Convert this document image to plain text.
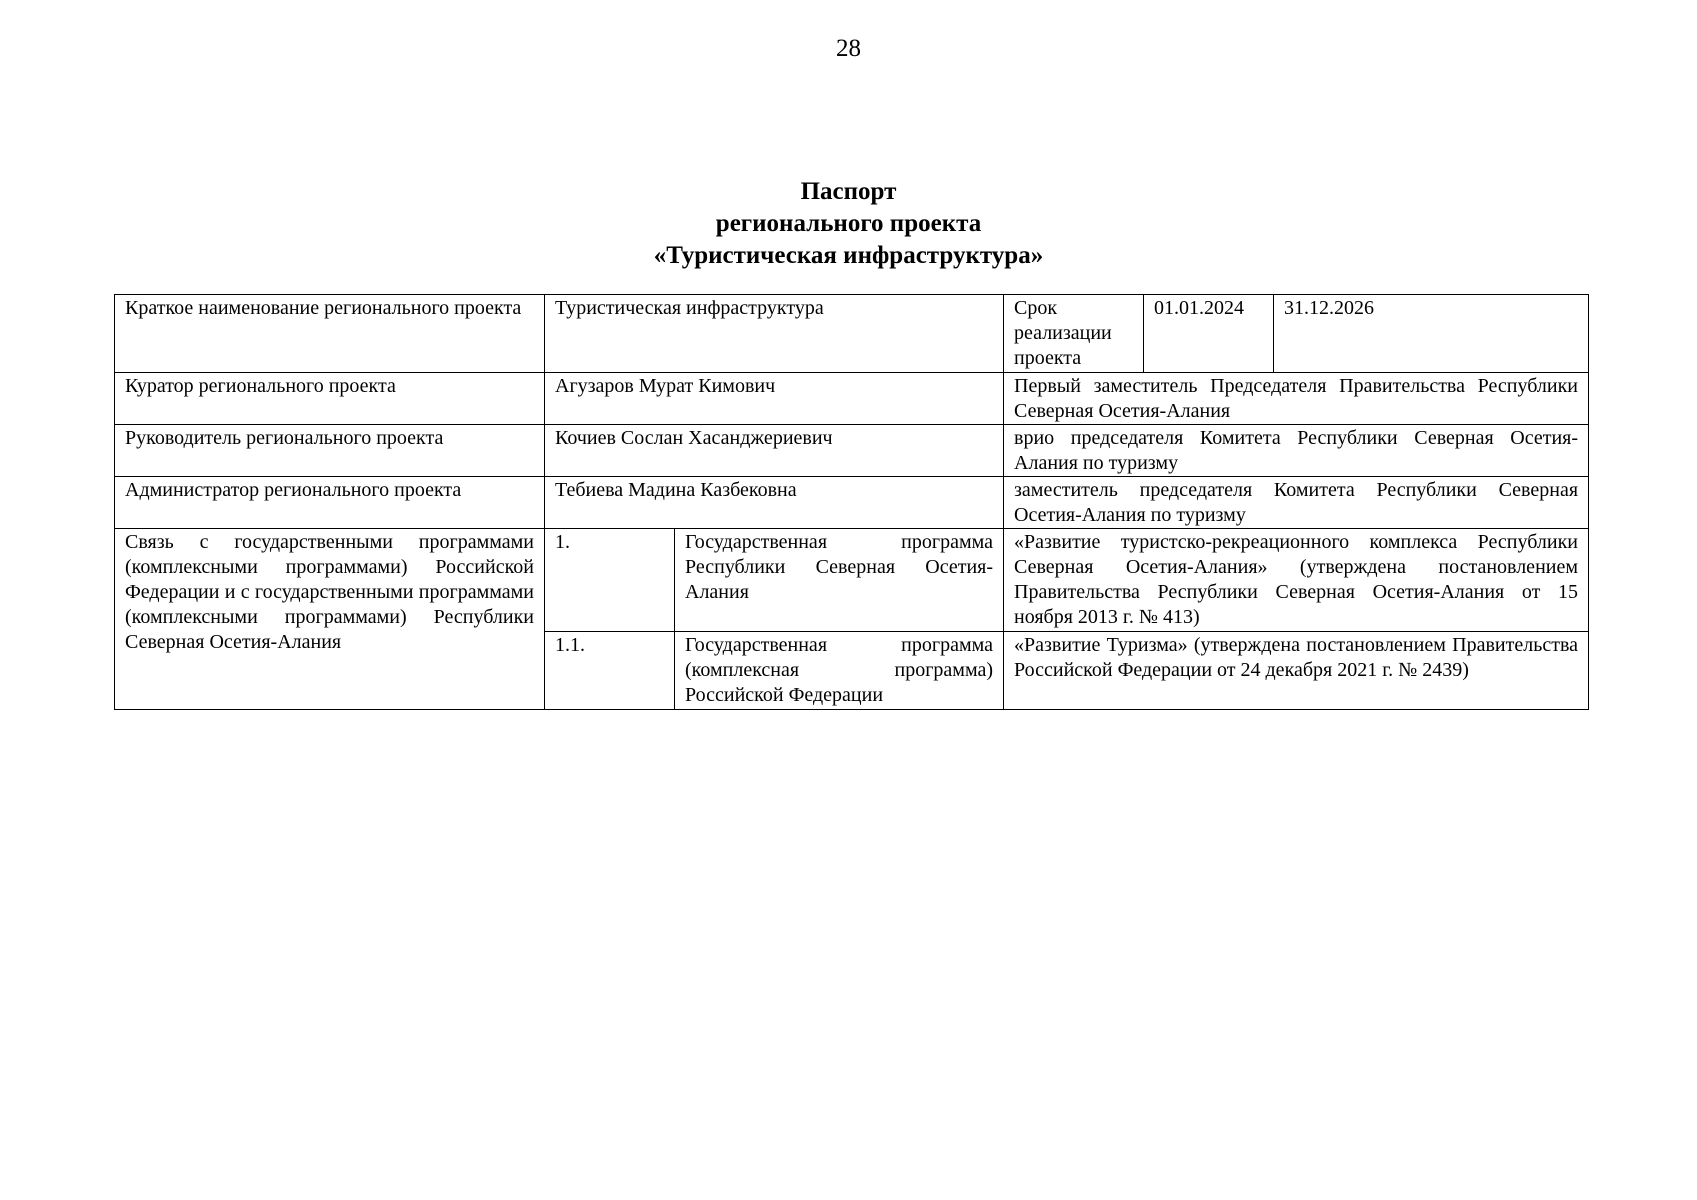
28
Паспорт
регионального проекта
«Туристическая инфраструктура»
Краткое наименование регионального проекта	Туристическая инфраструктура		Срок реализации проекта	01.01.2024	31.12.2026
Куратор регионального проекта	Агузаров Мурат Кимович		Первый заместитель Председателя Правительства Республики Северная Осетия-Алания		
Руководитель регионального проекта	Кочиев Сослан Хасанджериевич		врио председателя Комитета Республики Северная Осетия-Алания по туризму		
Администратор регионального проекта	Тебиева Мадина Казбековна		заместитель председателя Комитета Республики Северная Осетия-Алания по туризму		
Связь с государственными программами (комплексными программами) Российской Федерации и с государственными программами (комплексными программами) Республики Северная Осетия-Алания	1.	Государственная программа Республики Северная Осетия-Алания	«Развитие туристско-рекреационного комплекса Республики Северная Осетия-Алания» (утверждена постановлением Правительства Республики Северная Осетия-Алания от 15 ноября 2013 г. № 413)		
	1.1.	Государственная программа (комплексная программа) Российской Федерации	«Развитие Туризма» (утверждена постановлением Правительства Российской Федерации от 24 декабря 2021 г. № 2439)		
